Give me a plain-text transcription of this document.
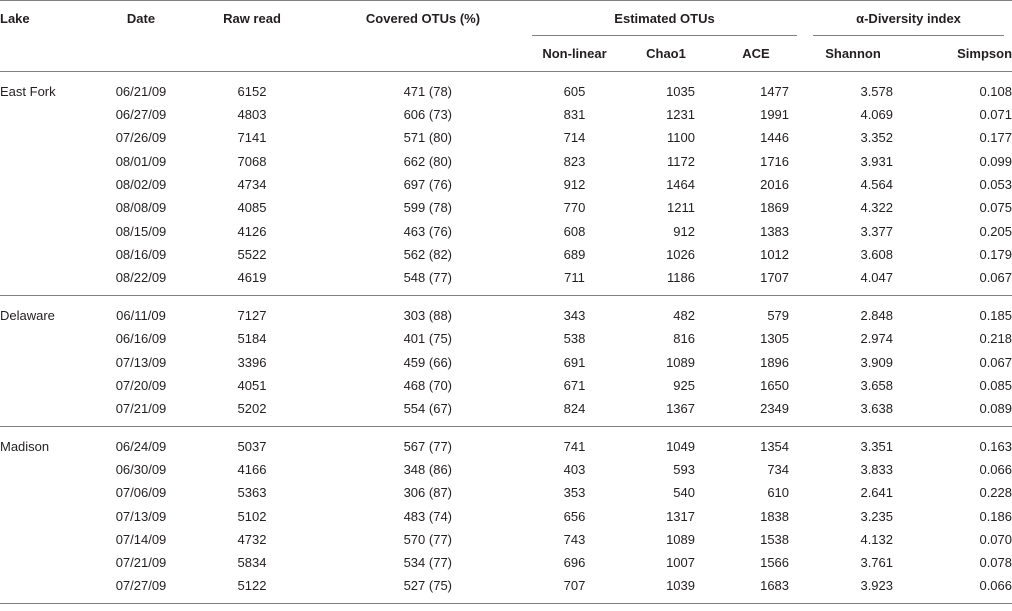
Lake	Date	Raw read	Covered OTUs (%)	Estimated OTUs			α-Diversity index	
				Non-linear	Chao1	ACE	Shannon	Simpson
East Fork	06/21/09	6152	471 (78)	605	1035	1477	3.578	0.108
	06/27/09	4803	606 (73)	831	1231	1991	4.069	0.071
	07/26/09	7141	571 (80)	714	1100	1446	3.352	0.177
	08/01/09	7068	662 (80)	823	1172	1716	3.931	0.099
	08/02/09	4734	697 (76)	912	1464	2016	4.564	0.053
	08/08/09	4085	599 (78)	770	1211	1869	4.322	0.075
	08/15/09	4126	463 (76)	608	912	1383	3.377	0.205
	08/16/09	5522	562 (82)	689	1026	1012	3.608	0.179
	08/22/09	4619	548 (77)	711	1186	1707	4.047	0.067
Delaware	06/11/09	7127	303 (88)	343	482	579	2.848	0.185
	06/16/09	5184	401 (75)	538	816	1305	2.974	0.218
	07/13/09	3396	459 (66)	691	1089	1896	3.909	0.067
	07/20/09	4051	468 (70)	671	925	1650	3.658	0.085
	07/21/09	5202	554 (67)	824	1367	2349	3.638	0.089
Madison	06/24/09	5037	567 (77)	741	1049	1354	3.351	0.163
	06/30/09	4166	348 (86)	403	593	734	3.833	0.066
	07/06/09	5363	306 (87)	353	540	610	2.641	0.228
	07/13/09	5102	483 (74)	656	1317	1838	3.235	0.186
	07/14/09	4732	570 (77)	743	1089	1538	4.132	0.070
	07/21/09	5834	534 (77)	696	1007	1566	3.761	0.078
	07/27/09	5122	527 (75)	707	1039	1683	3.923	0.066
